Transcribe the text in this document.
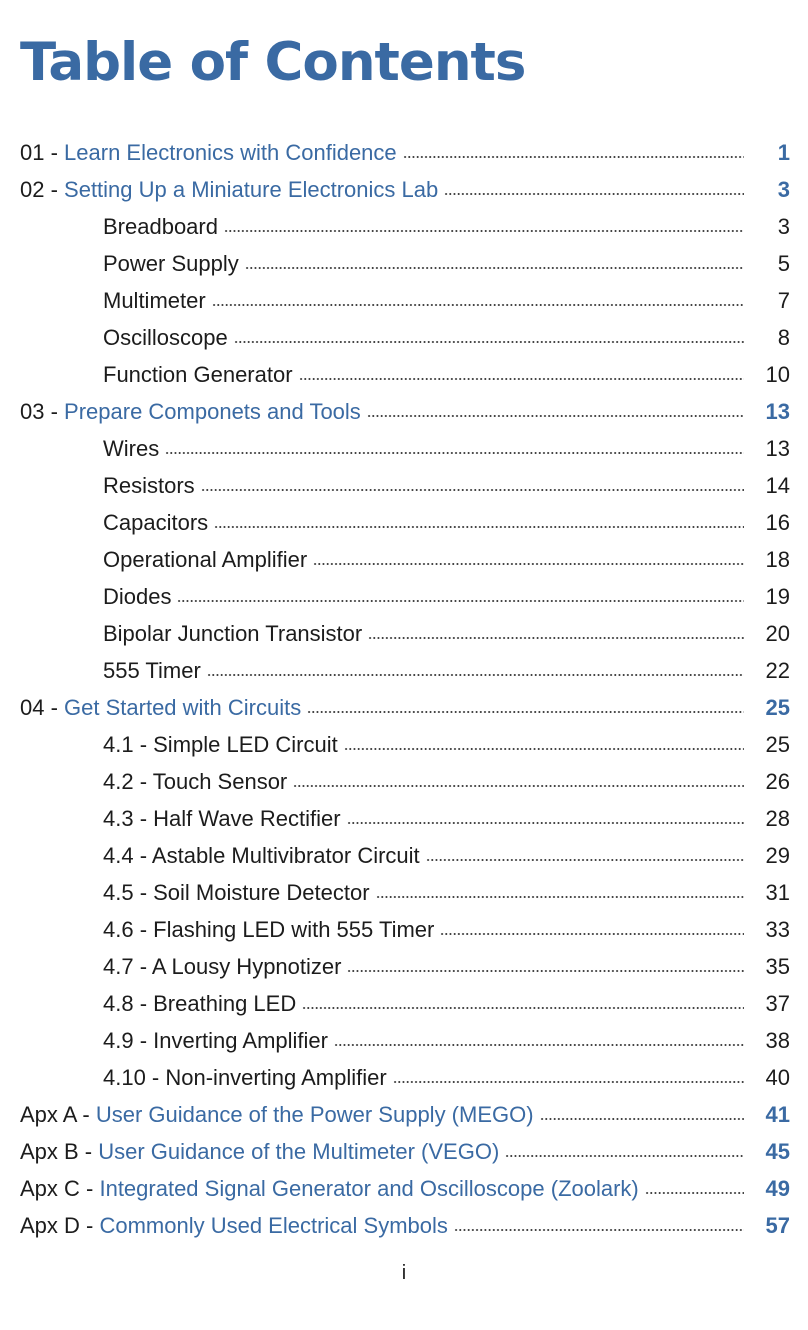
Table of Contents
01 - Learn Electronics with Confidence	1
02 - Setting Up a Miniature Electronics Lab	3
Breadboard	3
Power Supply	5
Multimeter	7
Oscilloscope	8
Function Generator	10
03 - Prepare Componets and Tools	13
Wires	13
Resistors	14
Capacitors	16
Operational Amplifier	18
Diodes	19
Bipolar Junction Transistor	20
555 Timer	22
04 - Get Started with Circuits	25
4.1 - Simple LED Circuit	25
4.2 - Touch Sensor	26
4.3 - Half Wave Rectifier	28
4.4 - Astable Multivibrator Circuit	29
4.5 - Soil Moisture Detector	31
4.6 - Flashing LED with 555 Timer	33
4.7 - A Lousy Hypnotizer	35
4.8 - Breathing LED	37
4.9 - Inverting Amplifier	38
4.10 - Non-inverting Amplifier	40
Apx A - User Guidance of the Power Supply (MEGO)	41
Apx B - User Guidance of the Multimeter (VEGO)	45
Apx C - Integrated Signal Generator and Oscilloscope (Zoolark)	49
Apx D - Commonly Used Electrical Symbols	57
i
